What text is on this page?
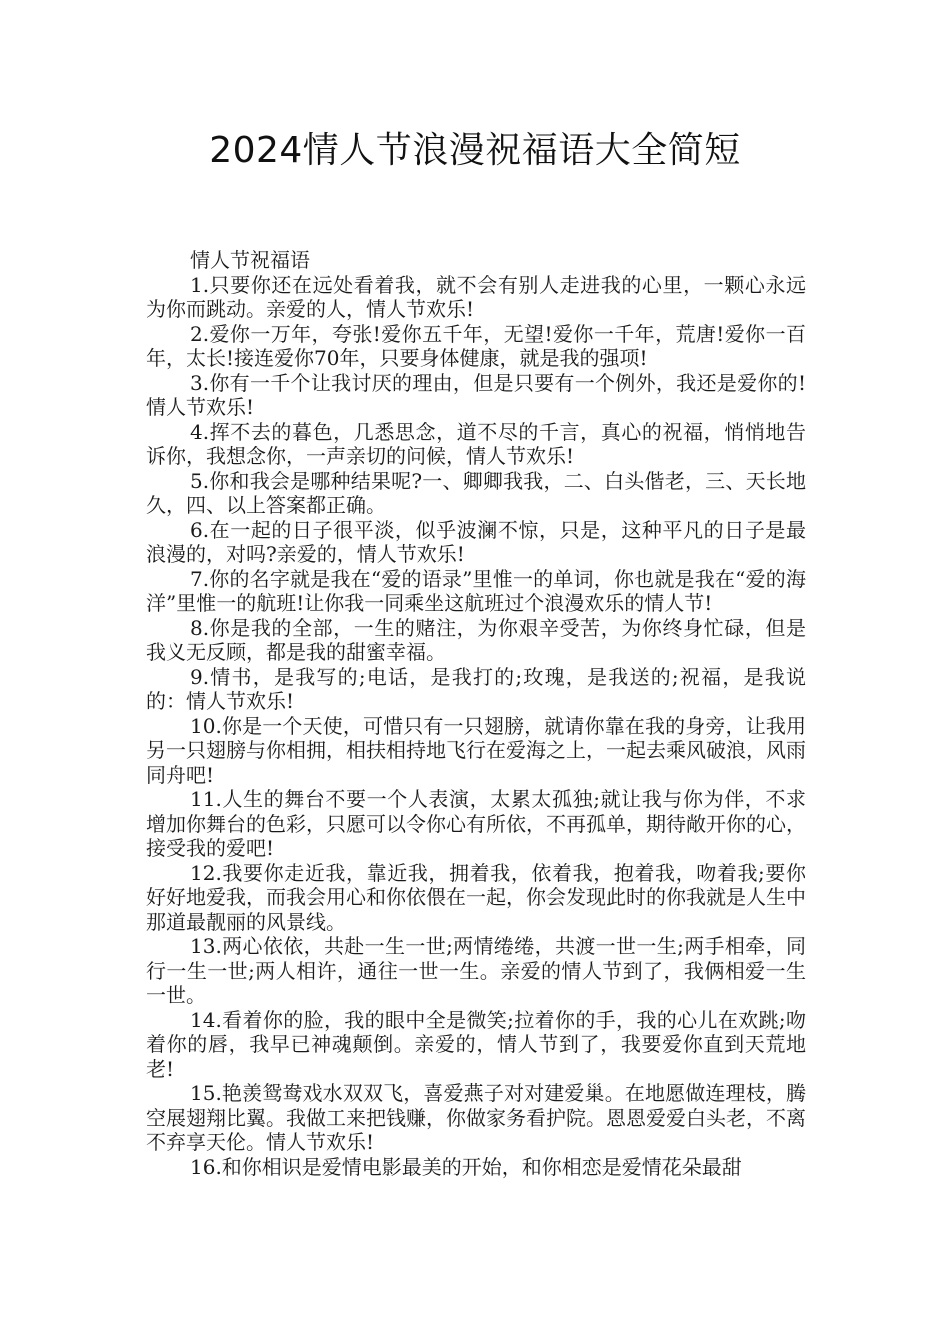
2024情人节浪漫祝福语大全简短

情人节祝福语

1.只要你还在远处看着我，就不会有别人走进我的心里，一颗心永远为你而跳动。亲爱的人，情人节欢乐!

2.爱你一万年，夸张!爱你五千年，无望!爱你一千年，荒唐!爱你一百年，太长!接连爱你70年，只要身体健康，就是我的强项!

3.你有一千个让我讨厌的理由，但是只要有一个例外，我还是爱你的!情人节欢乐!

4.挥不去的暮色，几悉思念，道不尽的千言，真心的祝福，悄悄地告诉你，我想念你，一声亲切的问候，情人节欢乐!

5.你和我会是哪种结果呢?一、卿卿我我，二、白头偕老，三、天长地久，四、以上答案都正确。

6.在一起的日子很平淡，似乎波澜不惊，只是，这种平凡的日子是最浪漫的，对吗?亲爱的，情人节欢乐!

7.你的名字就是我在“爱的语录”里惟一的单词，你也就是我在“爱的海洋”里惟一的航班!让你我一同乘坐这航班过个浪漫欢乐的情人节!

8.你是我的全部，一生的赌注，为你艰辛受苦，为你终身忙碌，但是我义无反顾，都是我的甜蜜幸福。

9.情书，是我写的;电话，是我打的;玫瑰，是我送的;祝福，是我说的：情人节欢乐!

10.你是一个天使，可惜只有一只翅膀，就请你靠在我的身旁，让我用另一只翅膀与你相拥，相扶相持地飞行在爱海之上，一起去乘风破浪，风雨同舟吧!

11.人生的舞台不要一个人表演，太累太孤独;就让我与你为伴，不求增加你舞台的色彩，只愿可以令你心有所依，不再孤单，期待敞开你的心，接受我的爱吧!

12.我要你走近我，靠近我，拥着我，依着我，抱着我，吻着我;要你好好地爱我，而我会用心和你依偎在一起，你会发现此时的你我就是人生中那道最靓丽的风景线。

13.两心依依，共赴一生一世;两情绻绻，共渡一世一生;两手相牵，同行一生一世;两人相许，通往一世一生。亲爱的情人节到了，我俩相爱一生一世。

14.看着你的脸，我的眼中全是微笑;拉着你的手，我的心儿在欢跳;吻着你的唇，我早已神魂颠倒。亲爱的，情人节到了，我要爱你直到天荒地老!

15.艳羡鸳鸯戏水双双飞，喜爱燕子对对建爱巢。在地愿做连理枝，腾空展翅翔比翼。我做工来把钱赚，你做家务看护院。恩恩爱爱白头老，不离不弃享天伦。情人节欢乐!

16.和你相识是爱情电影最美的开始，和你相恋是爱情花朵最甜
